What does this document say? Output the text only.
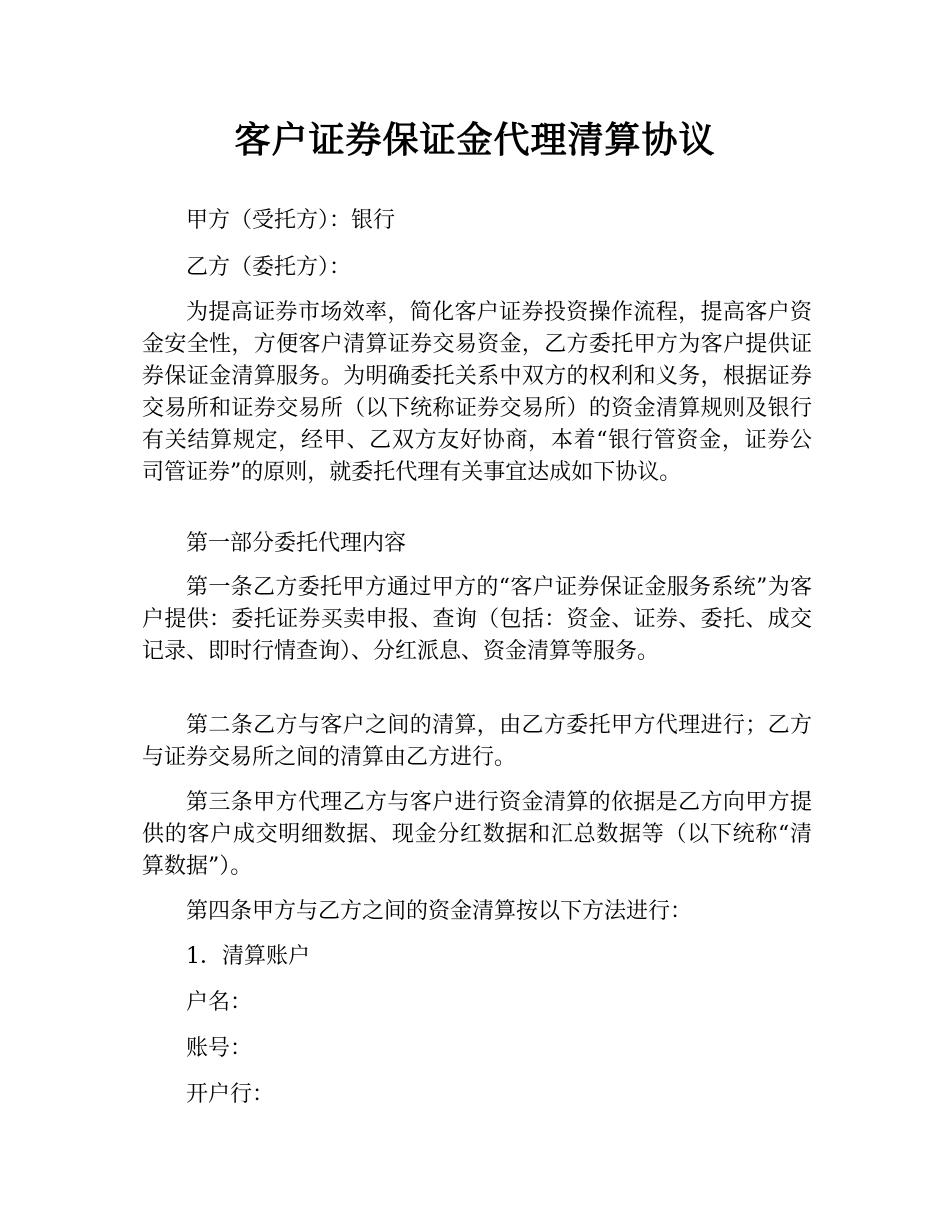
客户证券保证金代理清算协议

甲方（受托方）：银行

乙方（委托方）：

为提高证券市场效率，简化客户证券投资操作流程，提高客户资金安全性，方便客户清算证券交易资金，乙方委托甲方为客户提供证券保证金清算服务。为明确委托关系中双方的权利和义务，根据证券交易所和证券交易所（以下统称证券交易所）的资金清算规则及银行有关结算规定，经甲、乙双方友好协商，本着“银行管资金，证券公司管证券”的原则，就委托代理有关事宜达成如下协议。

第一部分委托代理内容

第一条乙方委托甲方通过甲方的“客户证券保证金服务系统”为客户提供：委托证券买卖申报、查询（包括：资金、证券、委托、成交记录、即时行情查询）、分红派息、资金清算等服务。

第二条乙方与客户之间的清算，由乙方委托甲方代理进行；乙方与证券交易所之间的清算由乙方进行。

第三条甲方代理乙方与客户进行资金清算的依据是乙方向甲方提供的客户成交明细数据、现金分红数据和汇总数据等（以下统称“清算数据”）。

第四条甲方与乙方之间的资金清算按以下方法进行：

1．清算账户

户名：

账号：

开户行：
